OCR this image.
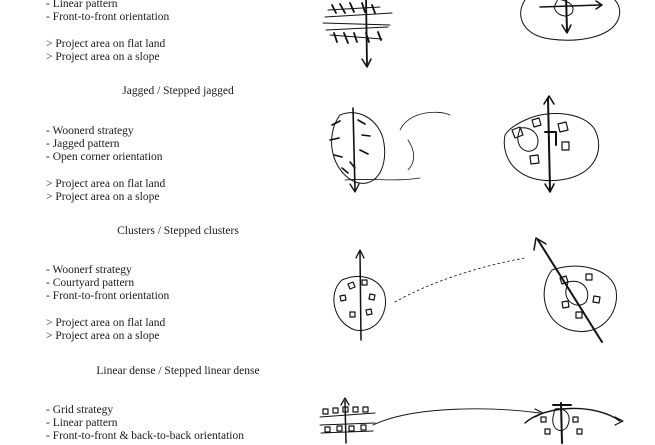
- Linear pattern
- Front-to-front orientation
> Project area on flat land
> Project area on a slope
Jagged / Stepped jagged
- Woonerd strategy
- Jagged pattern
- Open corner orientation
> Project area on flat land
> Project area on a slope
Clusters / Stepped clusters
- Woonerf strategy
- Courtyard pattern
- Front-to-front orientation
> Project area on flat land
> Project area on a slope
Linear dense / Stepped linear dense
- Grid strategy
- Linear pattern
- Front-to-front & back-to-back orientation
